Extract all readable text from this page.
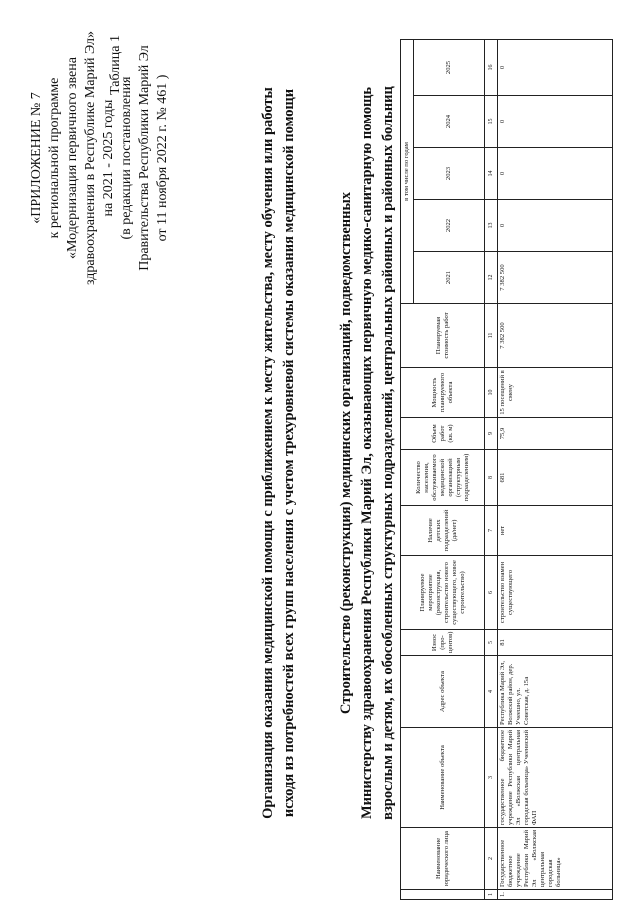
«ПРИЛОЖЕНИЕ № 7 к региональной программе «Модернизация первичного звена здравоохранения в Республике Марий Эл» на 2021 - 2025 годы (в редакции постановления Правительства Республики Марий Эл от 11 ноября 2022 г. № 461 )
Таблица 1
Организация оказания медицинской помощи с приближением к месту жительства, месту обучения или работы исходя из потребностей всех групп населения с учетом трехуровневой системы оказания медицинской помощи	Строительство (реконструкция) медицинских организаций, подведомственных Министерству здравоохранения Республики Марий Эл, оказывающих первичную медико-санитарную помощь взрослым и детям, их обособленных структурных подразделений, центральных районных и районных больниц
	Наименование юридического лица	Наименование объекта	Адрес объекта	Износ (про-центов)	Планируемое мероприятие (реконструкция, строительство нового существующего, новое строительство)	Наличие детских подразделений (да/нет)	Количество населения, обслуживаемого медицинской организацией (структурным подразделением)	Объем работ (кв. м)	Мощность планируемого объекта	Планируемая стоимость работ	в том числе по годам				
											2021	2022	2023	2024	2025
1	2	3	4	5	6	7	8	9	10	11	12	13	14	15	16
1.	Государственное бюджетное учреждение Республики Марий Эл «Волжская центральная городская больница»	государственное бюджетное учреждение Республики Марий Эл «Волжская центральная городская больница» Учеениский ФАП	Республика Марий Эл, Волжский район, дер. Учеешно, ул. Советская, д. 15а	81	строительство взамен существующего	нет	681	75,9	15 посещений в смену	7 382 500	7 382 500	0	0	0	0
